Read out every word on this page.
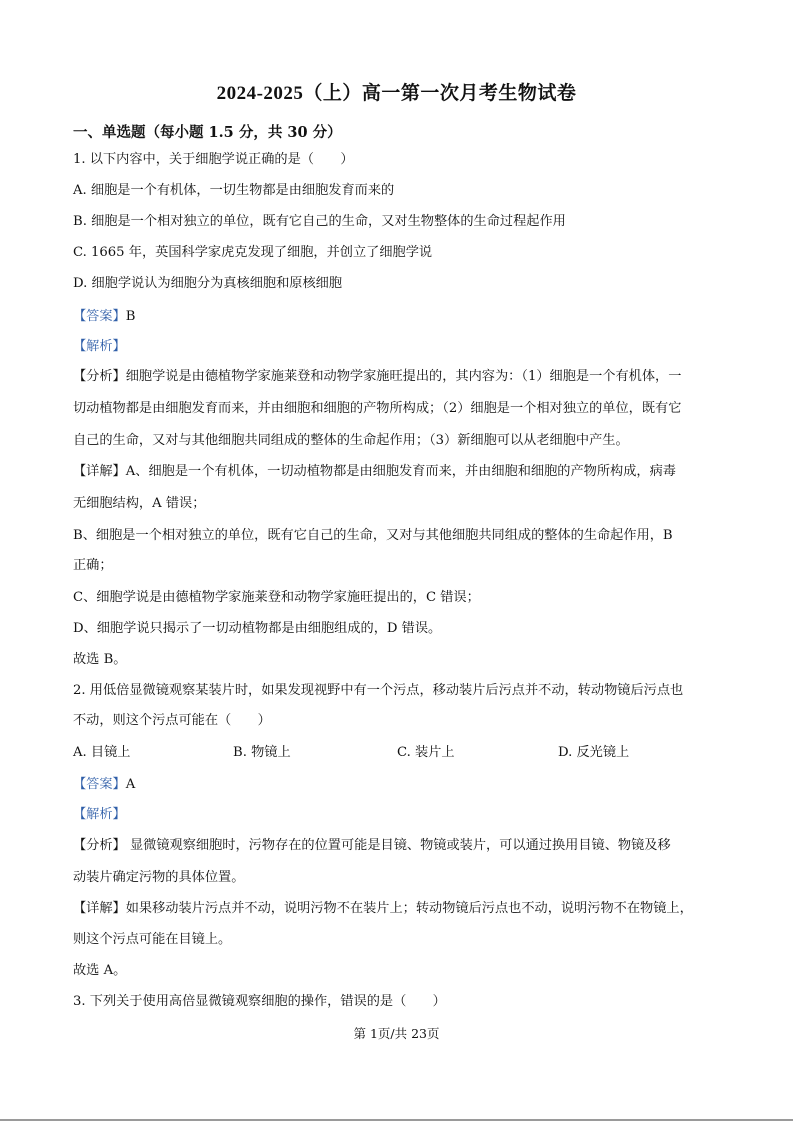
2024-2025（上）高一第一次月考生物试卷
一、单选题（每小题 1.5 分，共 30 分）
1. 以下内容中，关于细胞学说正确的是（　　）
A. 细胞是一个有机体，一切生物都是由细胞发育而来的
B. 细胞是一个相对独立的单位，既有它自己的生命，又对生物整体的生命过程起作用
C. 1665 年，英国科学家虎克发现了细胞，并创立了细胞学说
D. 细胞学说认为细胞分为真核细胞和原核细胞
【答案】B
【解析】
【分析】细胞学说是由德植物学家施莱登和动物学家施旺提出的，其内容为：（1）细胞是一个有机体，一
切动植物都是由细胞发育而来，并由细胞和细胞的产物所构成；（2）细胞是一个相对独立的单位，既有它
自己的生命，又对与其他细胞共同组成的整体的生命起作用；（3）新细胞可以从老细胞中产生。
【详解】A、细胞是一个有机体，一切动植物都是由细胞发育而来，并由细胞和细胞的产物所构成，病毒
无细胞结构，A 错误；
B、细胞是一个相对独立的单位，既有它自己的生命，又对与其他细胞共同组成的整体的生命起作用，B
正确；
C、细胞学说是由德植物学家施莱登和动物学家施旺提出的，C 错误；
D、细胞学说只揭示了一切动植物都是由细胞组成的，D 错误。
故选 B。
2. 用低倍显微镜观察某装片时，如果发现视野中有一个污点，移动装片后污点并不动，转动物镜后污点也
不动，则这个污点可能在（　　）
A. 目镜上	B. 物镜上	C. 装片上	D. 反光镜上
【答案】A
【解析】
【分析】 显微镜观察细胞时，污物存在的位置可能是目镜、物镜或装片，可以通过换用目镜、物镜及移
动装片确定污物的具体位置。
【详解】如果移动装片污点并不动，说明污物不在装片上；转动物镜后污点也不动，说明污物不在物镜上，
则这个污点可能在目镜上。
故选 A。
3. 下列关于使用高倍显微镜观察细胞的操作，错误的是（　　）
第 1页/共 23页
